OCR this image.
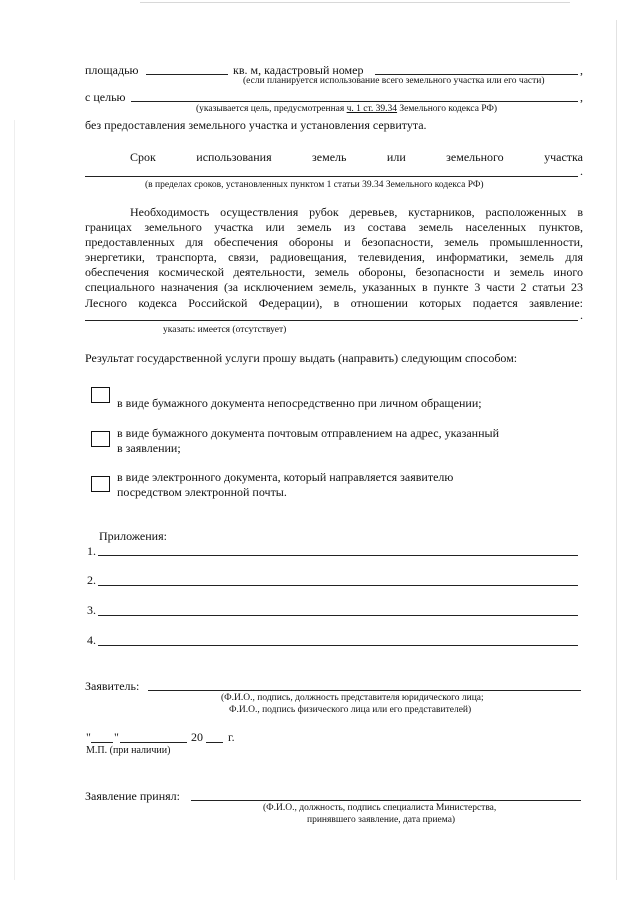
площадью	кв. м, кадастровый номер	,
(если планируется использование всего земельного участка или его части)
с целью	,
(указывается цель, предусмотренная ч. 1 ст. 39.34 Земельного кодекса РФ)
без предоставления земельного участка и установления сервитута.
Срок	использования	земель	или	земельного	участка
.
(в пределах сроков, установленных пунктом 1 статьи 39.34 Земельного кодекса РФ)
Необходимость осуществления рубок деревьев, кустарников, расположенных в
границах земельного участка или земель из состава земель населенных пунктов,
предоставленных для обеспечения обороны и безопасности, земель промышленности,
энергетики, транспорта, связи, радиовещания, телевидения, информатики, земель для
обеспечения космической деятельности, земель обороны, безопасности и земель иного
специального назначения (за исключением земель, указанных в пункте 3 части 2 статьи 23
Лесного кодекса Российской Федерации), в отношении которых подается заявление:
.
указать: имеется (отсутствует)
Результат государственной услуги прошу выдать (направить) следующим способом:
в виде бумажного документа непосредственно при личном обращении;
в виде бумажного документа почтовым отправлением на адрес, указанный
в заявлении;
в виде электронного документа, который направляется заявителю
посредством электронной почты.
Приложения:
1.
2.
3.
4.
Заявитель:
(Ф.И.О., подпись, должность представителя юридического лица;
Ф.И.О., подпись физического лица или его представителей)
" "	20 г.
М.П. (при наличии)
Заявление принял:
(Ф.И.О., должность, подпись специалиста Министерства,
принявшего заявление, дата приема)
